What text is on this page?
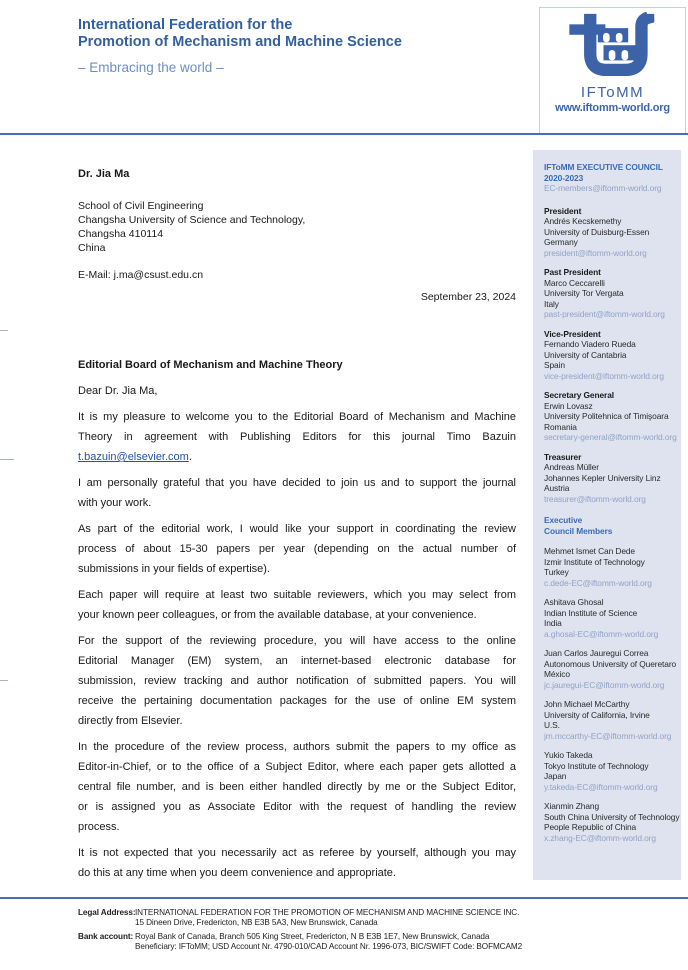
International Federation for the
Promotion of Mechanism and Machine Science
– Embracing the world –
IFToMM
www.iftomm-world.org
Dr. Jia Ma
School of Civil Engineering
Changsha University of Science and Technology,
Changsha 410114
China
E-Mail: j.ma@csust.edu.cn
September 23, 2024
Editorial Board of Mechanism and Machine Theory
Dear Dr. Jia Ma,
It is my pleasure to welcome you to the Editorial Board of Mechanism and Machine
Theory in agreement with Publishing Editors for this journal Timo Bazuin
t.bazuin@elsevier.com.
I am personally grateful that you have decided to join us and to support the journal
with your work.
As part of the editorial work, I would like your support in coordinating the review
process of about 15-30 papers per year (depending on the actual number of
submissions in your fields of expertise).
Each paper will require at least two suitable reviewers, which you may select from
your known peer colleagues, or from the available database, at your convenience.
For the support of the reviewing procedure, you will have access to the online
Editorial Manager (EM) system, an internet-based electronic database for
submission, review tracking and author notification of submitted papers. You will
receive the pertaining documentation packages for the use of online EM system
directly from Elsevier.
In the procedure of the review process, authors submit the papers to my office as
Editor-in-Chief, or to the office of a Subject Editor, where each paper gets allotted a
central file number, and is been either handled directly by me or the Subject Editor,
or is assigned you as Associate Editor with the request of handling the review
process.
It is not expected that you necessarily act as referee by yourself, although you may
do this at any time when you deem convenience and appropriate.
IFToMM EXECUTIVE COUNCIL
2020-2023
EC-members@iftomm-world.org
President
Andrés Kecskemethy
University of Duisburg-Essen
Germany
president@iftomm-world.org
Past President
Marco Ceccarelli
University Tor Vergata
Italy
past-president@iftomm-world.org
Vice-President
Fernando Viadero Rueda
University of Cantabria
Spain
vice-president@iftomm-world.org
Secretary General
Erwin Lovasz
University Politehnica of Timişoara
Romania
secretary-general@iftomm-world.org
Treasurer
Andreas Müller
Johannes Kepler University Linz
Austria
treasurer@iftomm-world.org
Executive
Council Members
Mehmet Ismet Can Dede
Izmir Institute of Technology
Turkey
c.dede-EC@iftomm-world.org
Ashitava Ghosal
Indian Institute of Science
India
a.ghosal-EC@iftomm-world.org
Juan Carlos Jauregui Correa
Autonomous University of Queretaro
México
jc.jauregui-EC@iftomm-world.org
John Michael McCarthy
University of California, Irvine
U.S.
jm.mccarthy-EC@iftomm-world.org
Yukio Takeda
Tokyo Institute of Technology
Japan
y.takeda-EC@iftomm-world.org
Xianmin Zhang
South China University of Technology
People Republic of China
x.zhang-EC@iftomm-world.org
Legal Address: INTERNATIONAL FEDERATION FOR THE PROMOTION OF MECHANISM AND MACHINE SCIENCE INC.
15 Dineen Drive, Fredericton, NB E3B 5A3, New Brunswick, Canada
Bank account: Royal Bank of Canada, Branch 505 King Street, Fredericton, N B E3B 1E7, New Brunswick, Canada
Beneficiary: IFToMM; USD Account Nr. 4790-010/CAD Account Nr. 1996-073, BIC/SWIFT Code: BOFMCAM2
